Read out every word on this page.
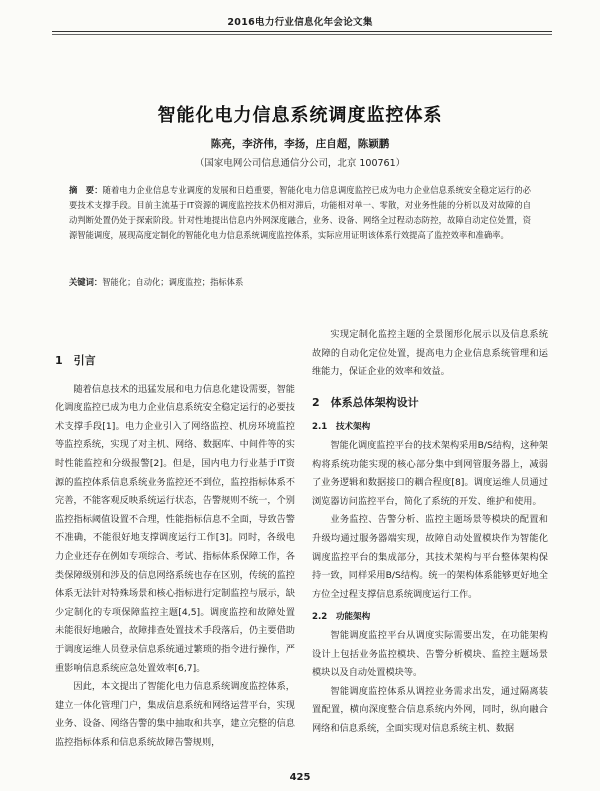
2016电力行业信息化年会论文集
智能化电力信息系统调度监控体系
陈亮，李济伟，李扬，庄自超，陈颖鹏
（国家电网公司信息通信分公司，北京 100761）
摘　要：随着电力企业信息专业调度的发展和日趋重要，智能化电力信息调度监控已成为电力企业信息系统安全稳定运行的必要技术支撑手段。目前主流基于IT资源的调度监控技术仍相对滞后，功能相对单一、零散，对业务性能的分析以及对故障的自动判断处置仍处于探索阶段。针对性地提出信息内外网深度融合，业务、设备、网络全过程动态防控，故障自动定位处置，资源智能调度，展现高度定制化的智能化电力信息系统调度监控体系，实际应用证明该体系行效提高了监控效率和准确率。
关键词：智能化；自动化；调度监控；指标体系

1　引言

随着信息技术的迅猛发展和电力信息化建设需要，智能化调度监控已成为电力企业信息系统安全稳定运行的必要技术支撑手段[1]。电力企业引入了网络监控、机房环境监控等监控系统，实现了对主机、网络、数据库、中间件等的实时性能监控和分级报警[2]。但是，国内电力行业基于IT资源的监控体系信息系统业务监控还不到位，监控指标体系不完善，不能客观反映系统运行状态，告警规则不统一，个别监控指标阈值设置不合理，性能指标信息不全面，导致告警不准确，不能很好地支撑调度运行工作[3]。同时，各级电力企业还存在例如专项综合、考试、指标体系保障工作，各类保障级别和涉及的信息网络系统也存在区别，传统的监控体系无法针对特殊场景和核心指标进行定制监控与展示，缺少定制化的专项保障监控主题[4,5]。调度监控和故障处置未能很好地融合，故障排查处置技术手段落后，仍主要借助于调度运维人员登录信息系统通过繁琐的指令进行操作，严重影响信息系统应急处置效率[6,7]。

因此，本文提出了智能化电力信息系统调度监控体系，建立一体化管理门户，集成信息系统和网络运营平台，实现业务、设备、网络告警的集中抽取和共享，建立完整的信息监控指标体系和信息系统故障告警规则，

实现定制化监控主题的全景图形化展示以及信息系统故障的自动化定位处置，提高电力企业信息系统管理和运维能力，保证企业的效率和效益。

2　体系总体架构设计

2.1　技术架构

智能化调度监控平台的技术架构采用B/S结构，这种架构将系统功能实现的核心部分集中到网管服务器上，减弱了业务逻辑和数据接口的耦合程度[8]。调度运维人员通过浏览器访问监控平台，简化了系统的开发、维护和使用。

业务监控、告警分析、监控主题场景等模块的配置和升级均通过服务器端实现，故障自动处置模块作为智能化调度监控平台的集成部分，其技术架构与平台整体架构保持一致，同样采用B/S结构。统一的架构体系能够更好地全方位全过程支撑信息系统调度运行工作。

2.2　功能架构

智能调度监控平台从调度实际需要出发，在功能架构设计上包括业务监控模块、告警分析模块、监控主题场景模块以及自动处置模块等。

智能调度监控体系从调控业务需求出发，通过隔离装置配置，横向深度整合信息系统内外网，同时，纵向融合网络和信息系统，全面实现对信息系统主机、数据

425
